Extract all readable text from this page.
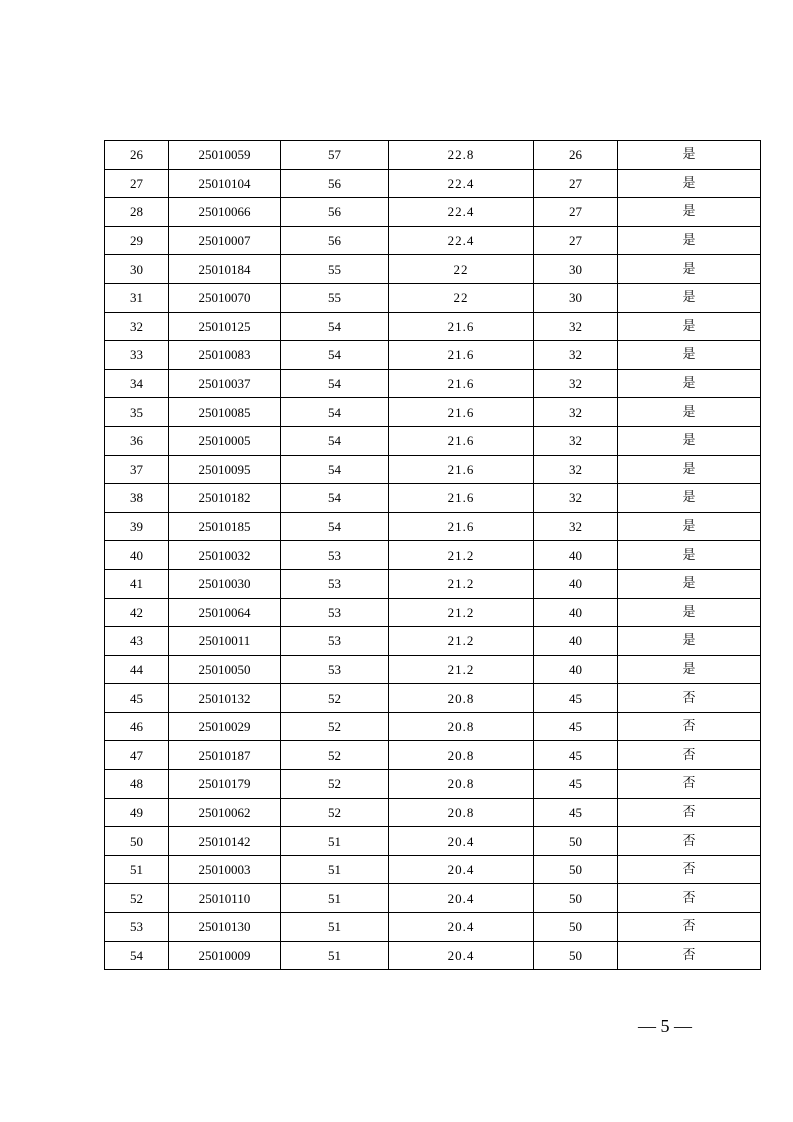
26	25010059	57	22.8	26	是
27	25010104	56	22.4	27	是
28	25010066	56	22.4	27	是
29	25010007	56	22.4	27	是
30	25010184	55	22	30	是
31	25010070	55	22	30	是
32	25010125	54	21.6	32	是
33	25010083	54	21.6	32	是
34	25010037	54	21.6	32	是
35	25010085	54	21.6	32	是
36	25010005	54	21.6	32	是
37	25010095	54	21.6	32	是
38	25010182	54	21.6	32	是
39	25010185	54	21.6	32	是
40	25010032	53	21.2	40	是
41	25010030	53	21.2	40	是
42	25010064	53	21.2	40	是
43	25010011	53	21.2	40	是
44	25010050	53	21.2	40	是
45	25010132	52	20.8	45	否
46	25010029	52	20.8	45	否
47	25010187	52	20.8	45	否
48	25010179	52	20.8	45	否
49	25010062	52	20.8	45	否
50	25010142	51	20.4	50	否
51	25010003	51	20.4	50	否
52	25010110	51	20.4	50	否
53	25010130	51	20.4	50	否
54	25010009	51	20.4	50	否
— 5 —
